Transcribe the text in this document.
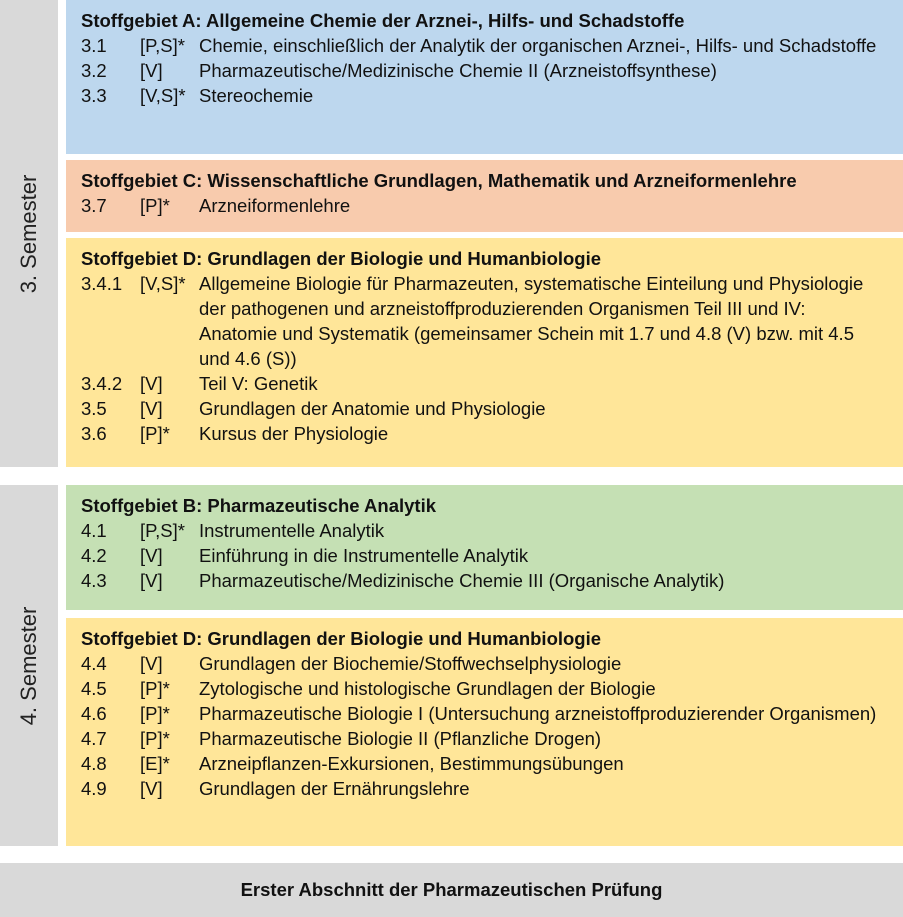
3. Semester
Stoffgebiet A: Allgemeine Chemie der Arznei-, Hilfs- und Schadstoffe
3.1 [P,S]* Chemie, einschließlich der Analytik der organischen Arznei-, Hilfs- und Schadstoffe
3.2 [V] Pharmazeutische/Medizinische Chemie II (Arzneistoffsynthese)
3.3 [V,S]* Stereochemie
Stoffgebiet C: Wissenschaftliche Grundlagen, Mathematik und Arzneiformenlehre
3.7 [P]* Arzneiformenlehre
Stoffgebiet D: Grundlagen der Biologie und Humanbiologie
3.4.1 [V,S]* Allgemeine Biologie für Pharmazeuten, systematische Einteilung und Physiologie der pathogenen und arzneistoffproduzierenden Organismen Teil III und IV: Anatomie und Systematik (gemeinsamer Schein mit 1.7 und 4.8 (V) bzw. mit 4.5 und 4.6 (S))
3.4.2 [V] Teil V: Genetik
3.5 [V] Grundlagen der Anatomie und Physiologie
3.6 [P]* Kursus der Physiologie
4. Semester
Stoffgebiet B: Pharmazeutische Analytik
4.1 [P,S]* Instrumentelle Analytik
4.2 [V] Einführung in die Instrumentelle Analytik
4.3 [V] Pharmazeutische/Medizinische Chemie III (Organische Analytik)
Stoffgebiet D: Grundlagen der Biologie und Humanbiologie
4.4 [V] Grundlagen der Biochemie/Stoffwechselphysiologie
4.5 [P]* Zytologische und histologische Grundlagen der Biologie
4.6 [P]* Pharmazeutische Biologie I (Untersuchung arzneistoffproduzierender Organismen)
4.7 [P]* Pharmazeutische Biologie II (Pflanzliche Drogen)
4.8 [E]* Arzneipflanzen-Exkursionen, Bestimmungsübungen
4.9 [V] Grundlagen der Ernährungslehre
Erster Abschnitt der Pharmazeutischen Prüfung
